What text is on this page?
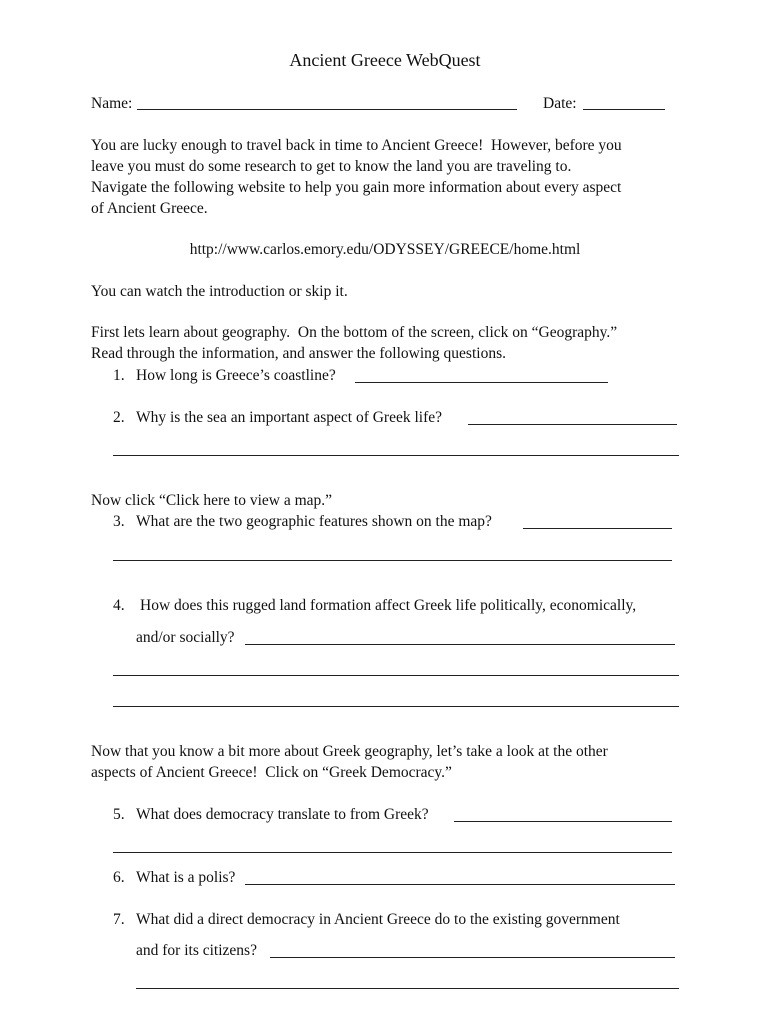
Ancient Greece WebQuest
Name:	Date:
You are lucky enough to travel back in time to Ancient Greece!  However, before you
leave you must do some research to get to know the land you are traveling to.
Navigate the following website to help you gain more information about every aspect
of Ancient Greece.
http://www.carlos.emory.edu/ODYSSEY/GREECE/home.html
You can watch the introduction or skip it.
First lets learn about geography.  On the bottom of the screen, click on “Geography.”
Read through the information, and answer the following questions.
1. How long is Greece’s coastline?
2. Why is the sea an important aspect of Greek life?
Now click “Click here to view a map.”
3. What are the two geographic features shown on the map?
4. How does this rugged land formation affect Greek life politically, economically,
and/or socially?
Now that you know a bit more about Greek geography, let’s take a look at the other
aspects of Ancient Greece!  Click on “Greek Democracy.”
5. What does democracy translate to from Greek?
6. What is a polis?
7. What did a direct democracy in Ancient Greece do to the existing government
and for its citizens?
